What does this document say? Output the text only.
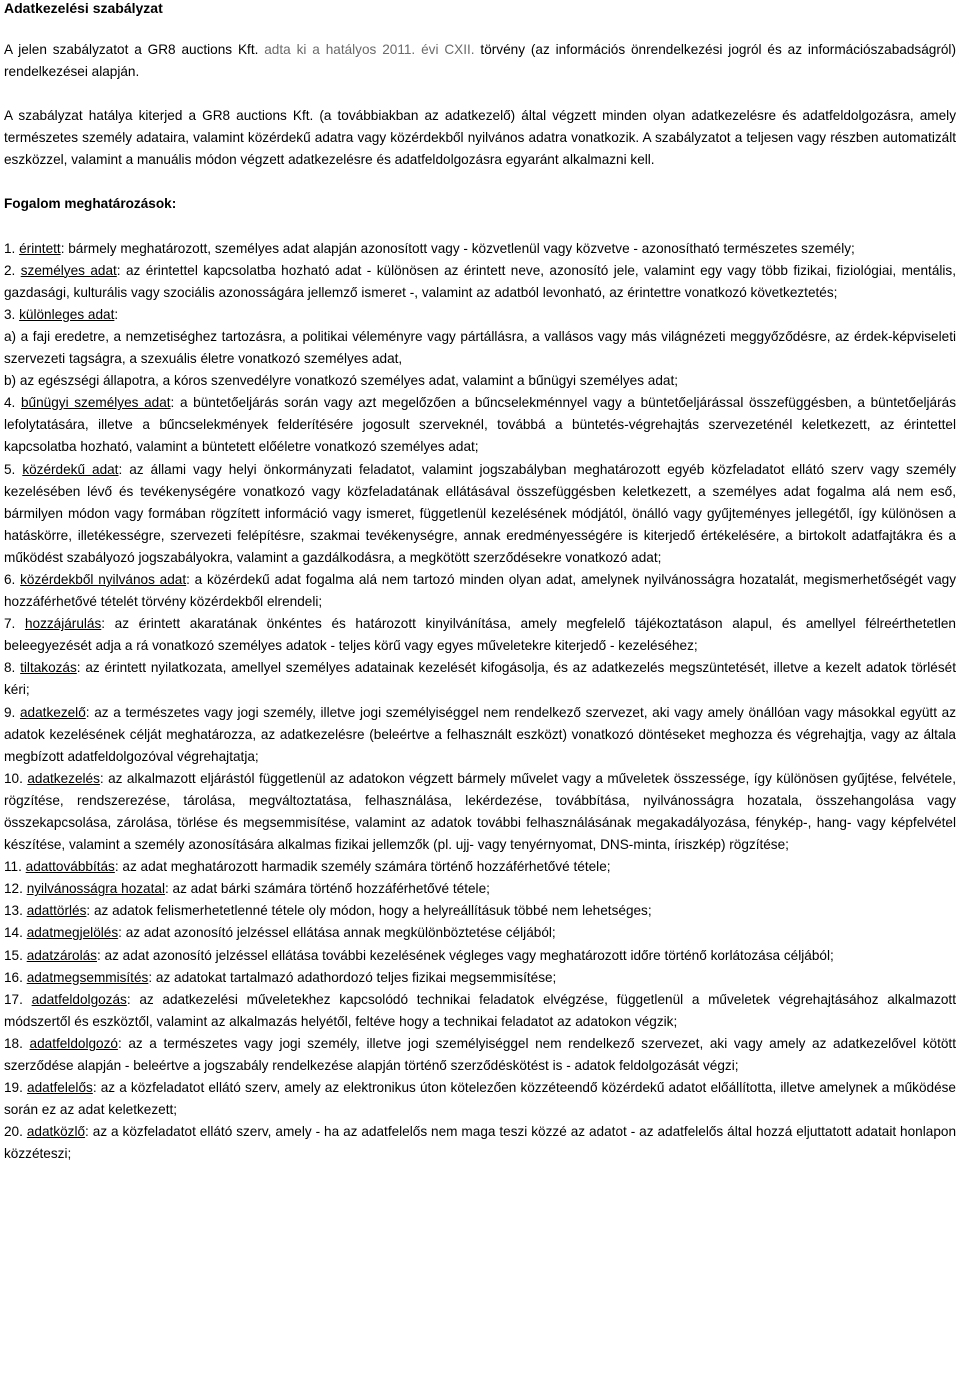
Adatkezelési szabályzat

A jelen szabályzatot a GR8 auctions Kft. adta ki a hatályos 2011. évi CXII. törvény (az információs önrendelkezési jogról és az információszabadságról) rendelkezései alapján.

A szabályzat hatálya kiterjed a GR8 auctions Kft. (a továbbiakban az adatkezelő) által végzett minden olyan adatkezelésre és adatfeldolgozásra, amely természetes személy adataira, valamint közérdekű adatra vagy közérdekből nyilvános adatra vonatkozik. A szabályzatot a teljesen vagy részben automatizált eszközzel, valamint a manuális módon végzett adatkezelésre és adatfeldolgozásra egyaránt alkalmazni kell.

Fogalom meghatározások:

1. érintett: bármely meghatározott, személyes adat alapján azonosított vagy - közvetlenül vagy közvetve - azonosítható természetes személy;

2. személyes adat: az érintettel kapcsolatba hozható adat - különösen az érintett neve, azonosító jele, valamint egy vagy több fizikai, fiziológiai, mentális, gazdasági, kulturális vagy szociális azonosságára jellemző ismeret -, valamint az adatból levonható, az érintettre vonatkozó következtetés;

3. különleges adat:

a) a faji eredetre, a nemzetiséghez tartozásra, a politikai véleményre vagy pártállásra, a vallásos vagy más világnézeti meggyőződésre, az érdek-képviseleti szervezeti tagságra, a szexuális életre vonatkozó személyes adat,

b) az egészségi állapotra, a kóros szenvedélyre vonatkozó személyes adat, valamint a bűnügyi személyes adat;

4. bűnügyi személyes adat: a büntetőeljárás során vagy azt megelőzően a bűncselekménnyel vagy a büntetőeljárással összefüggésben, a büntetőeljárás lefolytatására, illetve a bűncselekmények felderítésére jogosult szerveknél, továbbá a büntetés-végrehajtás szervezeténél keletkezett, az érintettel kapcsolatba hozható, valamint a büntetett előéletre vonatkozó személyes adat;

5. közérdekű adat: az állami vagy helyi önkormányzati feladatot, valamint jogszabályban meghatározott egyéb közfeladatot ellátó szerv vagy személy kezelésében lévő és tevékenységére vonatkozó vagy közfeladatának ellátásával összefüggésben keletkezett, a személyes adat fogalma alá nem eső, bármilyen módon vagy formában rögzített információ vagy ismeret, függetlenül kezelésének módjától, önálló vagy gyűjteményes jellegétől, így különösen a hatáskörre, illetékességre, szervezeti felépítésre, szakmai tevékenységre, annak eredményességére is kiterjedő értékelésére, a birtokolt adatfajtákra és a működést szabályozó jogszabályokra, valamint a gazdálkodásra, a megkötött szerződésekre vonatkozó adat;

6. közérdekből nyilvános adat: a közérdekű adat fogalma alá nem tartozó minden olyan adat, amelynek nyilvánosságra hozatalát, megismerhetőségét vagy hozzáférhetővé tételét törvény közérdekből elrendeli;

7. hozzájárulás: az érintett akaratának önkéntes és határozott kinyilvánítása, amely megfelelő tájékoztatáson alapul, és amellyel félreérthetetlen beleegyezését adja a rá vonatkozó személyes adatok - teljes körű vagy egyes műveletekre kiterjedő - kezeléséhez;

8. tiltakozás: az érintett nyilatkozata, amellyel személyes adatainak kezelését kifogásolja, és az adatkezelés megszüntetését, illetve a kezelt adatok törlését kéri;

9. adatkezelő: az a természetes vagy jogi személy, illetve jogi személyiséggel nem rendelkező szervezet, aki vagy amely önállóan vagy másokkal együtt az adatok kezelésének célját meghatározza, az adatkezelésre (beleértve a felhasznált eszközt) vonatkozó döntéseket meghozza és végrehajtja, vagy az általa megbízott adatfeldolgozóval végrehajtatja;

10. adatkezelés: az alkalmazott eljárástól függetlenül az adatokon végzett bármely művelet vagy a műveletek összessége, így különösen gyűjtése, felvétele, rögzítése, rendszerezése, tárolása, megváltoztatása, felhasználása, lekérdezése, továbbítása, nyilvánosságra hozatala, összehangolása vagy összekapcsolása, zárolása, törlése és megsemmisítése, valamint az adatok további felhasználásának megakadályozása, fénykép-, hang- vagy képfelvétel készítése, valamint a személy azonosítására alkalmas fizikai jellemzők (pl. ujj- vagy tenyérnyomat, DNS-minta, íriszkép) rögzítése;

11. adattovábbítás: az adat meghatározott harmadik személy számára történő hozzáférhetővé tétele;

12. nyilvánosságra hozatal: az adat bárki számára történő hozzáférhetővé tétele;

13. adattörlés: az adatok felismerhetetlenné tétele oly módon, hogy a helyreállításuk többé nem lehetséges;

14. adatmegjelölés: az adat azonosító jelzéssel ellátása annak megkülönböztetése céljából;

15. adatzárolás: az adat azonosító jelzéssel ellátása további kezelésének végleges vagy meghatározott időre történő korlátozása céljából;

16. adatmegsemmisítés: az adatokat tartalmazó adathordozó teljes fizikai megsemmisítése;

17. adatfeldolgozás: az adatkezelési műveletekhez kapcsolódó technikai feladatok elvégzése, függetlenül a műveletek végrehajtásához alkalmazott módszertől és eszköztől, valamint az alkalmazás helyétől, feltéve hogy a technikai feladatot az adatokon végzik;

18. adatfeldolgozó: az a természetes vagy jogi személy, illetve jogi személyiséggel nem rendelkező szervezet, aki vagy amely az adatkezelővel kötött szerződése alapján - beleértve a jogszabály rendelkezése alapján történő szerződéskötést is - adatok feldolgozását végzi;

19. adatfelelős: az a közfeladatot ellátó szerv, amely az elektronikus úton kötelezően közzéteendő közérdekű adatot előállította, illetve amelynek a működése során ez az adat keletkezett;

20. adatközlő: az a közfeladatot ellátó szerv, amely - ha az adatfelelős nem maga teszi közzé az adatot - az adatfelelős által hozzá eljuttatott adatait honlapon közzéteszi;
